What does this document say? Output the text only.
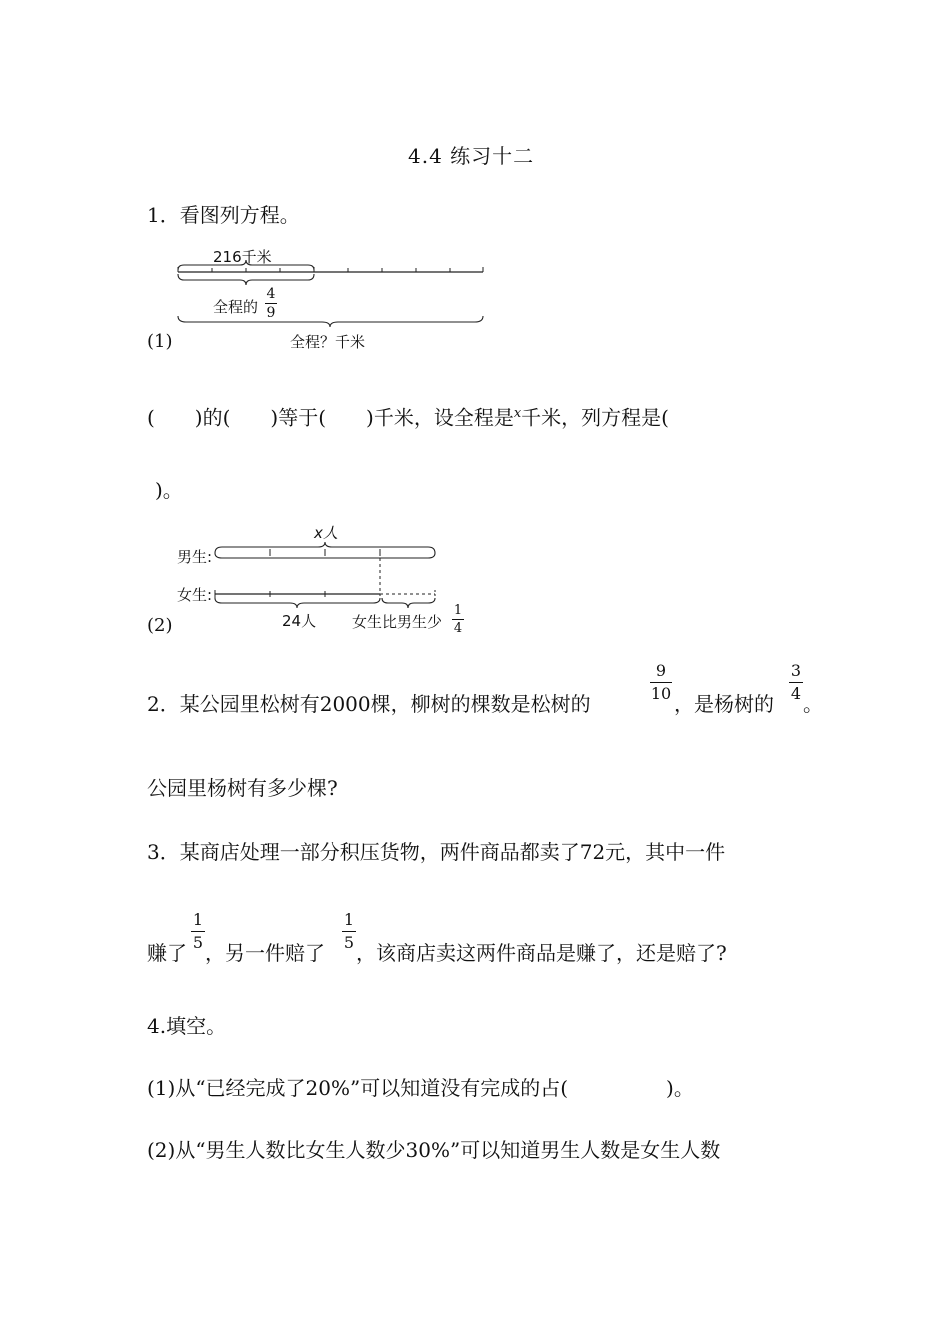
4.4 练习十二
1．看图列方程。
216千米
全程的
4
9
全程？千米
(1)
(　　)的(　　)等于(　　)千米，设全程是$^x$千米，列方程是(
)。
x人
男生:
女生:
24人 女生比男生少
1
4
(2)
2．某公园里松树有2000棵，柳树的棵数是松树的
9
10 ，是杨树的
3
4 。
公园里杨树有多少棵?
3．某商店处理一部分积压货物，两件商品都卖了72元，其中一件
赚了
1
5 ，另一件赔了
1
5 ，该商店卖这两件商品是赚了，还是赔了?
4.填空。
(1)从“已经完成了20%”可以知道没有完成的占(	)。
(2)从“男生人数比女生人数少30%”可以知道男生人数是女生人数
